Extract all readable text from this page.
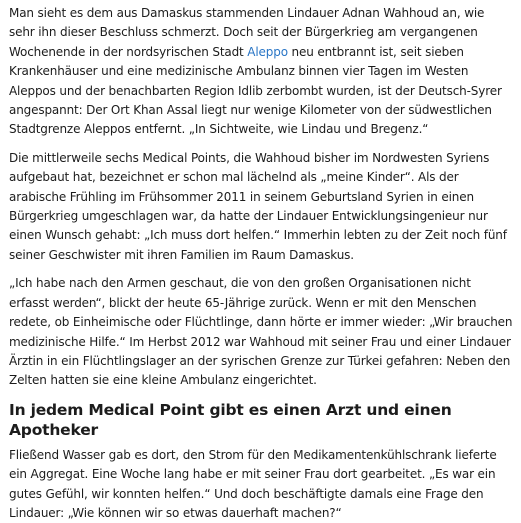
Man sieht es dem aus Damaskus stammenden Lindauer Adnan Wahhoud an, wie sehr ihn dieser Beschluss schmerzt. Doch seit der Bürgerkrieg am vergangenen Wochenende in der nordsyrischen Stadt Aleppo neu entbrannt ist, seit sieben Krankenhäuser und eine medizinische Ambulanz binnen vier Tagen im Westen Aleppos und der benachbarten Region Idlib zerbombt wurden, ist der Deutsch-Syrer angespannt: Der Ort Khan Assal liegt nur wenige Kilometer von der südwestlichen Stadtgrenze Aleppos entfernt. „In Sichtweite, wie Lindau und Bregenz.“

Die mittlerweile sechs Medical Points, die Wahhoud bisher im Nordwesten Syriens aufgebaut hat, bezeichnet er schon mal lächelnd als „meine Kinder“. Als der arabische Frühling im Frühsommer 2011 in seinem Geburtsland Syrien in einen Bürgerkrieg umgeschlagen war, da hatte der Lindauer Entwicklungsingenieur nur einen Wunsch gehabt: „Ich muss dort helfen.“ Immerhin lebten zu der Zeit noch fünf seiner Geschwister mit ihren Familien im Raum Damaskus.

„Ich habe nach den Armen geschaut, die von den großen Organisationen nicht erfasst werden“, blickt der heute 65-Jährige zurück. Wenn er mit den Menschen redete, ob Einheimische oder Flüchtlinge, dann hörte er immer wieder: „Wir brauchen medizinische Hilfe.“ Im Herbst 2012 war Wahhoud mit seiner Frau und einer Lindauer Ärztin in ein Flüchtlingslager an der syrischen Grenze zur Türkei gefahren: Neben den Zelten hatten sie eine kleine Ambulanz eingerichtet.

In jedem Medical Point gibt es einen Arzt und einen Apotheker

Fließend Wasser gab es dort, den Strom für den Medikamentenkühlschrank lieferte ein Aggregat. Eine Woche lang habe er mit seiner Frau dort gearbeitet. „Es war ein gutes Gefühl, wir konnten helfen.“ Und doch beschäftigte damals eine Frage den Lindauer: „Wie können wir so etwas dauerhaft machen?“
